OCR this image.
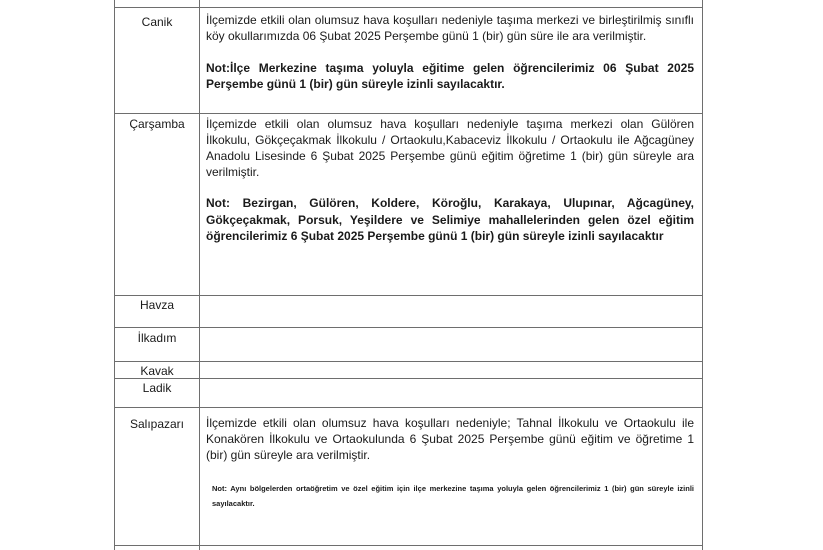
Canik	İlçemizde etkili olan olumsuz hava koşulları nedeniyle taşıma merkezi ve birleştirilmiş sınıflı köy okullarımızda 06 Şubat 2025 Perşembe günü 1 (bir) gün süre ile ara verilmiştir.

Not:İlçe Merkezine taşıma yoluyla eğitime gelen öğrencilerimiz 06 Şubat 2025 Perşembe günü 1 (bir) gün süreyle izinli sayılacaktır.

Çarşamba	İlçemizde etkili olan olumsuz hava koşulları nedeniyle taşıma merkezi olan Gülören İlkokulu, Gökçeçakmak İlkokulu / Ortaokulu,Kabaceviz İlkokulu / Ortaokulu ile Ağcagüney Anadolu Lisesinde 6 Şubat 2025 Perşembe günü eğitim öğretime 1 (bir) gün süreyle ara verilmiştir.

Not: Bezirgan, Gülören, Koldere, Köroğlu, Karakaya, Ulupınar, Ağcagüney, Gökçeçakmak, Porsuk, Yeşildere ve Selimiye mahallelerinden gelen özel eğitim öğrencilerimiz 6 Şubat 2025 Perşembe günü 1 (bir) gün süreyle izinli sayılacaktır

Havza
İlkadım
Kavak
Ladik
Salıpazarı	İlçemizde etkili olan olumsuz hava koşulları nedeniyle; Tahnal İlkokulu ve Ortaokulu ile Konakören İlkokulu ve Ortaokulunda 6 Şubat 2025 Perşembe günü eğitim ve öğretime 1 (bir) gün süreyle ara verilmiştir.

Not: Aynı bölgelerden ortaöğretim ve özel eğitim için ilçe merkezine taşıma yoluyla gelen öğrencilerimiz 1 (bir) gün süreyle izinli sayılacaktır.
